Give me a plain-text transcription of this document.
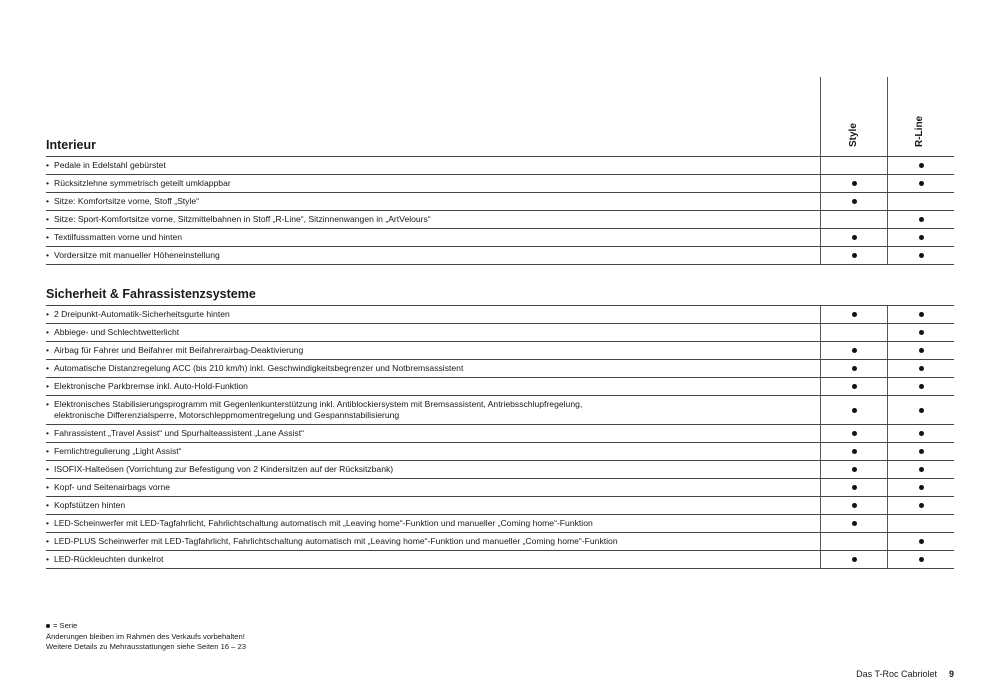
Style	R-Line
Interieur
• Pedale in Edelstahl gebürstet
• Rücksitzlehne symmetrisch geteilt umklappbar
• Sitze: Komfortsitze vorne, Stoff „Style“
• Sitze: Sport-Komfortsitze vorne, Sitzmittelbahnen in Stoff „R-Line“, Sitzinnenwangen in „ArtVelours“
• Textilfussmatten vorne und hinten
• Vordersitze mit manueller Höheneinstellung
Sicherheit & Fahrassistenzsysteme
• 2 Dreipunkt-Automatik-Sicherheitsgurte hinten
• Abbiege- und Schlechtwetterlicht
• Airbag für Fahrer und Beifahrer mit Beifahrerairbag-Deaktivierung
• Automatische Distanzregelung ACC (bis 210 km/h) inkl. Geschwindigkeitsbegrenzer und Notbremsassistent
• Elektronische Parkbremse inkl. Auto-Hold-Funktion
• Elektronisches Stabilisierungsprogramm mit Gegenlenkunterstützung inkl. Antiblockiersystem mit Bremsassistent, Antriebsschlupfregelung,
elektronische Differenzialsperre, Motorschleppmomentregelung und Gespannstabilisierung
• Fahrassistent „Travel Assist“ und Spurhalteassistent „Lane Assist“
• Fernlichtregulierung „Light Assist“
• ISOFIX-Halteösen (Vorrichtung zur Befestigung von 2 Kindersitzen auf der Rücksitzbank)
• Kopf- und Seitenairbags vorne
• Kopfstützen hinten
• LED-Scheinwerfer mit LED-Tagfahrlicht, Fahrlichtschaltung automatisch mit „Leaving home“-Funktion und manueller „Coming home“-Funktion
• LED-PLUS Scheinwerfer mit LED-Tagfahrlicht, Fahrlichtschaltung automatisch mit „Leaving home“-Funktion und manueller „Coming home“-Funktion
• LED-Rückleuchten dunkelrot
= Serie
Änderungen bleiben im Rahmen des Verkaufs vorbehalten!
Weitere Details zu Mehrausstattungen siehe Seiten 16 – 23
Das T-Roc Cabriolet 9
